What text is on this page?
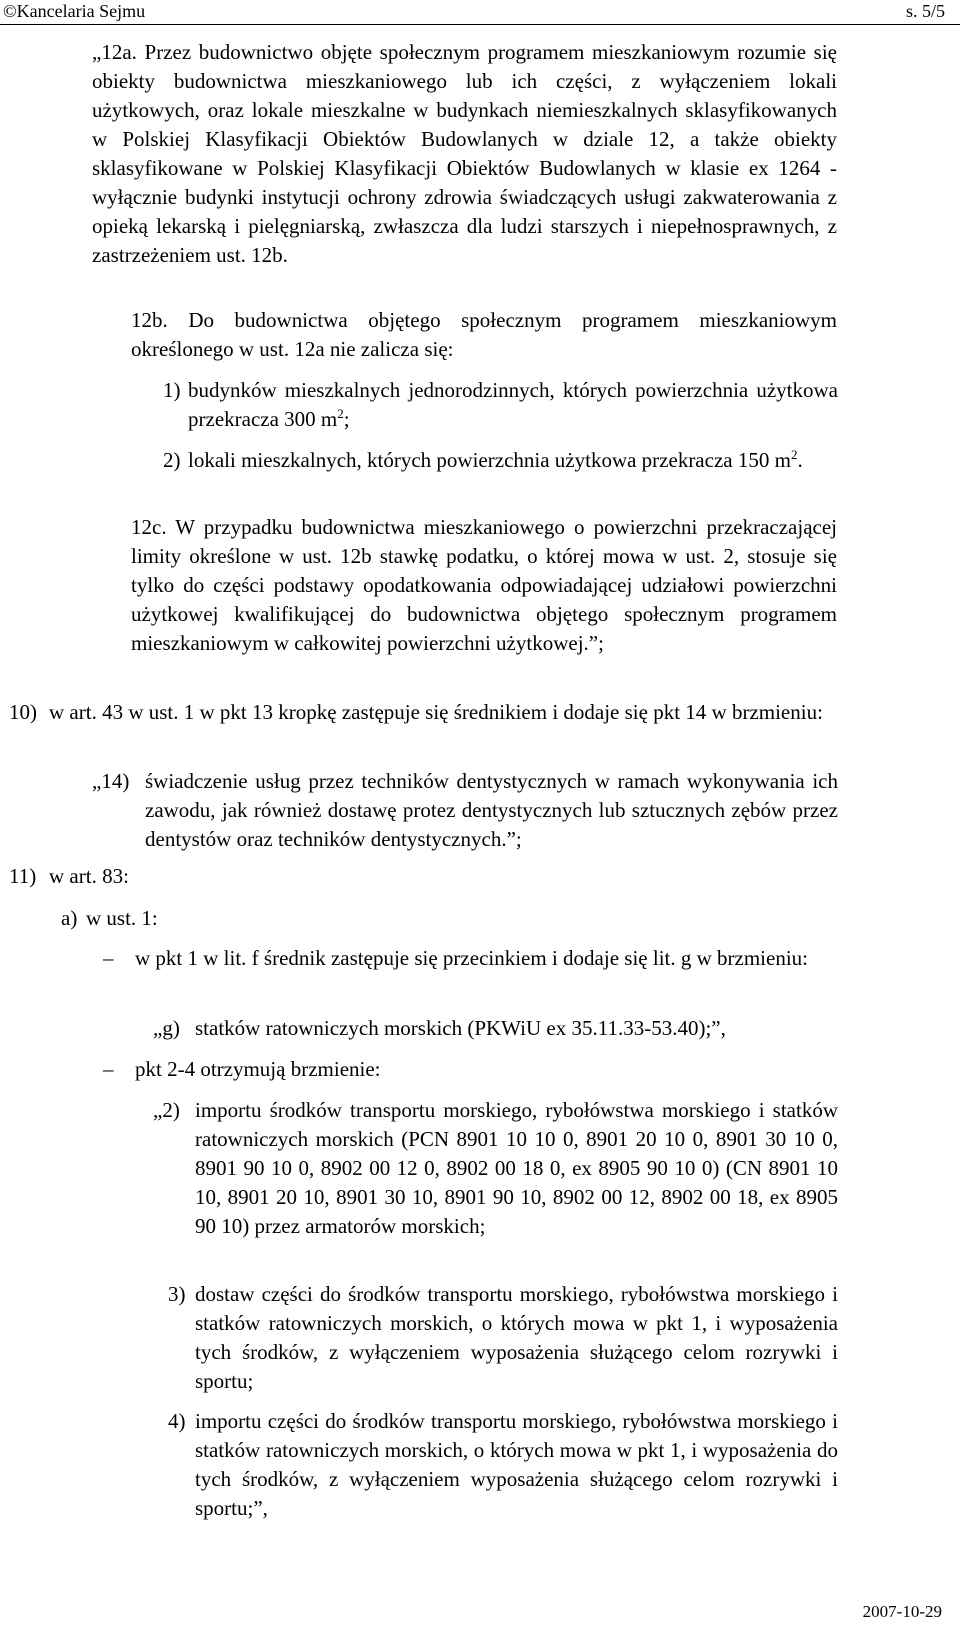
©Kancelaria Sejmu	s. 5/5
„12a. Przez budownictwo objęte społecznym programem mieszkaniowym rozumie się obiekty budownictwa mieszkaniowego lub ich części, z wyłączeniem lokali użytkowych, oraz lokale mieszkalne w budynkach niemieszkalnych sklasyfikowanych w Polskiej Klasyfikacji Obiektów Budowlanych w dziale 12, a także obiekty sklasyfikowane w Polskiej Klasyfikacji Obiektów Budowlanych w klasie ex 1264 - wyłącznie budynki instytucji ochrony zdrowia świadczących usługi zakwaterowania z opieką lekarską i pielęgniarską, zwłaszcza dla ludzi starszych i niepełnosprawnych, z zastrzeżeniem ust. 12b.
12b. Do budownictwa objętego społecznym programem mieszkaniowym określonego w ust. 12a nie zalicza się:
1) budynków mieszkalnych jednorodzinnych, których powierzchnia użytkowa przekracza 300 $m^2$;
2) lokali mieszkalnych, których powierzchnia użytkowa przekracza 150 $m^2$.
12c. W przypadku budownictwa mieszkaniowego o powierzchni przekraczającej limity określone w ust. 12b stawkę podatku, o której mowa w ust. 2, stosuje się tylko do części podstawy opodatkowania odpowiadającej udziałowi powierzchni użytkowej kwalifikującej do budownictwa objętego społecznym programem mieszkaniowym w całkowitej powierzchni użytkowej.”;
10) w art. 43 w ust. 1 w pkt 13 kropkę zastępuje się średnikiem i dodaje się pkt 14 w brzmieniu:
„14) świadczenie usług przez techników dentystycznych w ramach wykonywania ich zawodu, jak również dostawę protez dentystycznych lub sztucznych zębów przez dentystów oraz techników dentystycznych.”;
11) w art. 83:
a) w ust. 1:
– w pkt 1 w lit. f średnik zastępuje się przecinkiem i dodaje się lit. g w brzmieniu:
„g) statków ratowniczych morskich (PKWiU ex 35.11.33-53.40);”,
– pkt 2-4 otrzymują brzmienie:
„2) importu środków transportu morskiego, rybołówstwa morskiego i statków ratowniczych morskich (PCN 8901 10 10 0, 8901 20 10 0, 8901 30 10 0, 8901 90 10 0, 8902 00 12 0, 8902 00 18 0, ex 8905 90 10 0) (CN 8901 10 10, 8901 20 10, 8901 30 10, 8901 90 10, 8902 00 12, 8902 00 18, ex 8905 90 10) przez armatorów morskich;
3) dostaw części do środków transportu morskiego, rybołówstwa morskiego i statków ratowniczych morskich, o których mowa w pkt 1, i wyposażenia tych środków, z wyłączeniem wyposażenia służącego celom rozrywki i sportu;
4) importu części do środków transportu morskiego, rybołówstwa morskiego i statków ratowniczych morskich, o których mowa w pkt 1, i wyposażenia do tych środków, z wyłączeniem wyposażenia służącego celom rozrywki i sportu;”,
2007-10-29
